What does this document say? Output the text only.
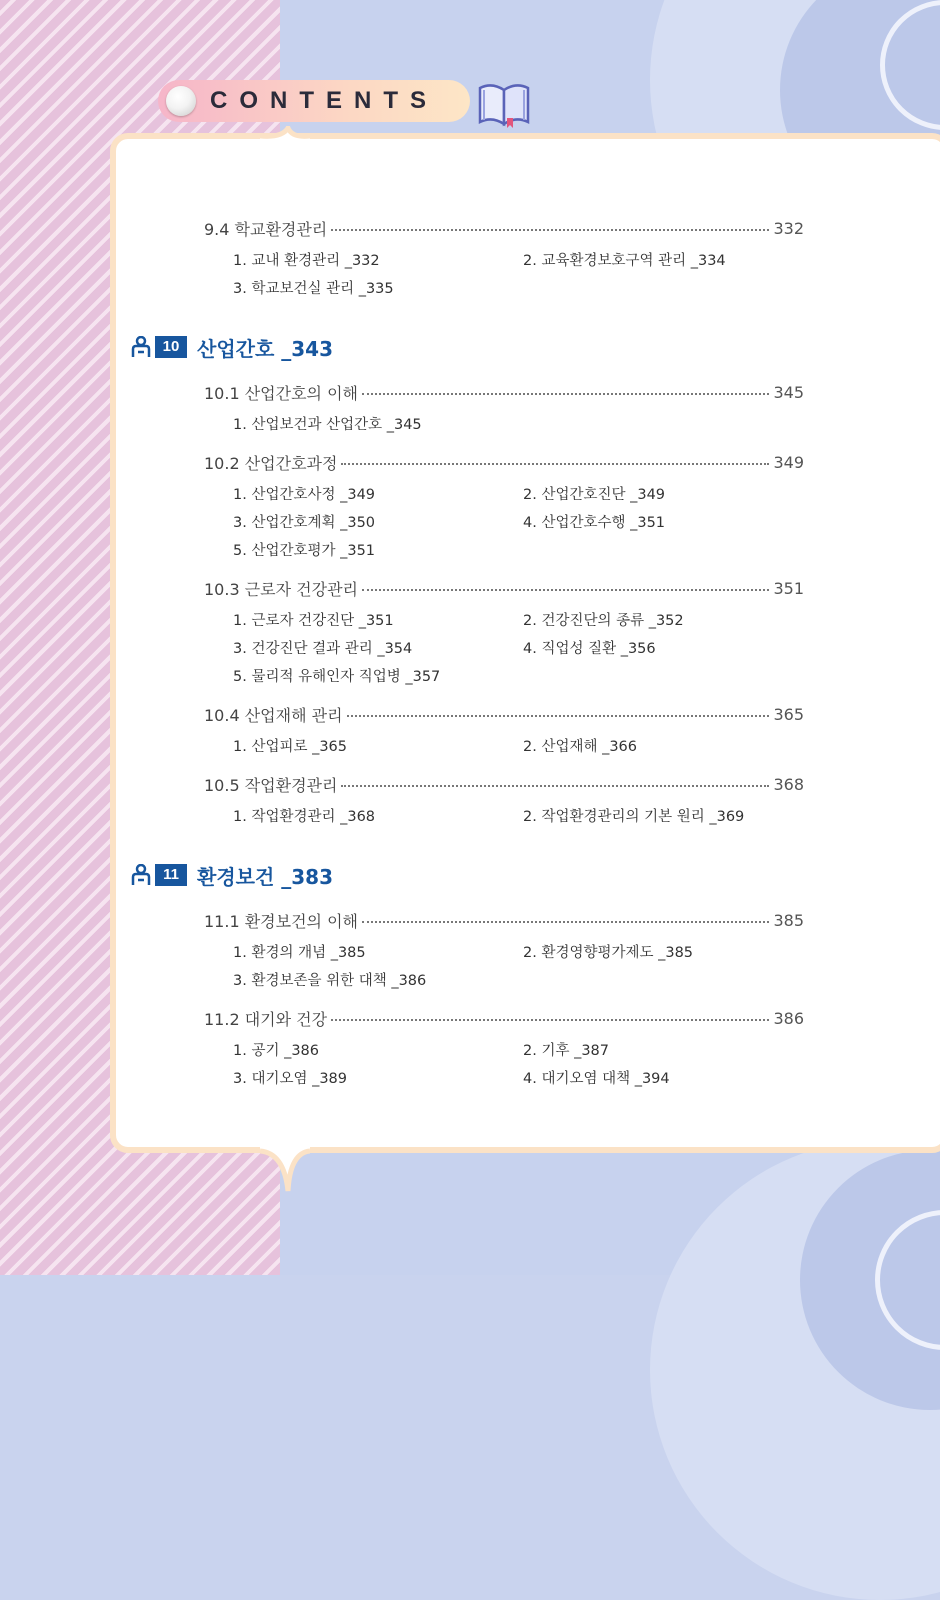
CONTENTS
9.4 학교환경관리	332
1. 교내 환경관리 _332	2. 교육환경보호구역 관리 _334
3. 학교보건실 관리 _335
10 산업간호 _343
10.1 산업간호의 이해	345
1. 산업보건과 산업간호 _345
10.2 산업간호과정	349
1. 산업간호사정 _349	2. 산업간호진단 _349
3. 산업간호계획 _350	4. 산업간호수행 _351
5. 산업간호평가 _351
10.3 근로자 건강관리	351
1. 근로자 건강진단 _351	2. 건강진단의 종류 _352
3. 건강진단 결과 관리 _354	4. 직업성 질환 _356
5. 물리적 유해인자 직업병 _357
10.4 산업재해 관리	365
1. 산업피로 _365	2. 산업재해 _366
10.5 작업환경관리	368
1. 작업환경관리 _368	2. 작업환경관리의 기본 원리 _369
11 환경보건 _383
11.1 환경보건의 이해	385
1. 환경의 개념 _385	2. 환경영향평가제도 _385
3. 환경보존을 위한 대책 _386
11.2 대기와 건강	386
1. 공기 _386	2. 기후 _387
3. 대기오염 _389	4. 대기오염 대책 _394
